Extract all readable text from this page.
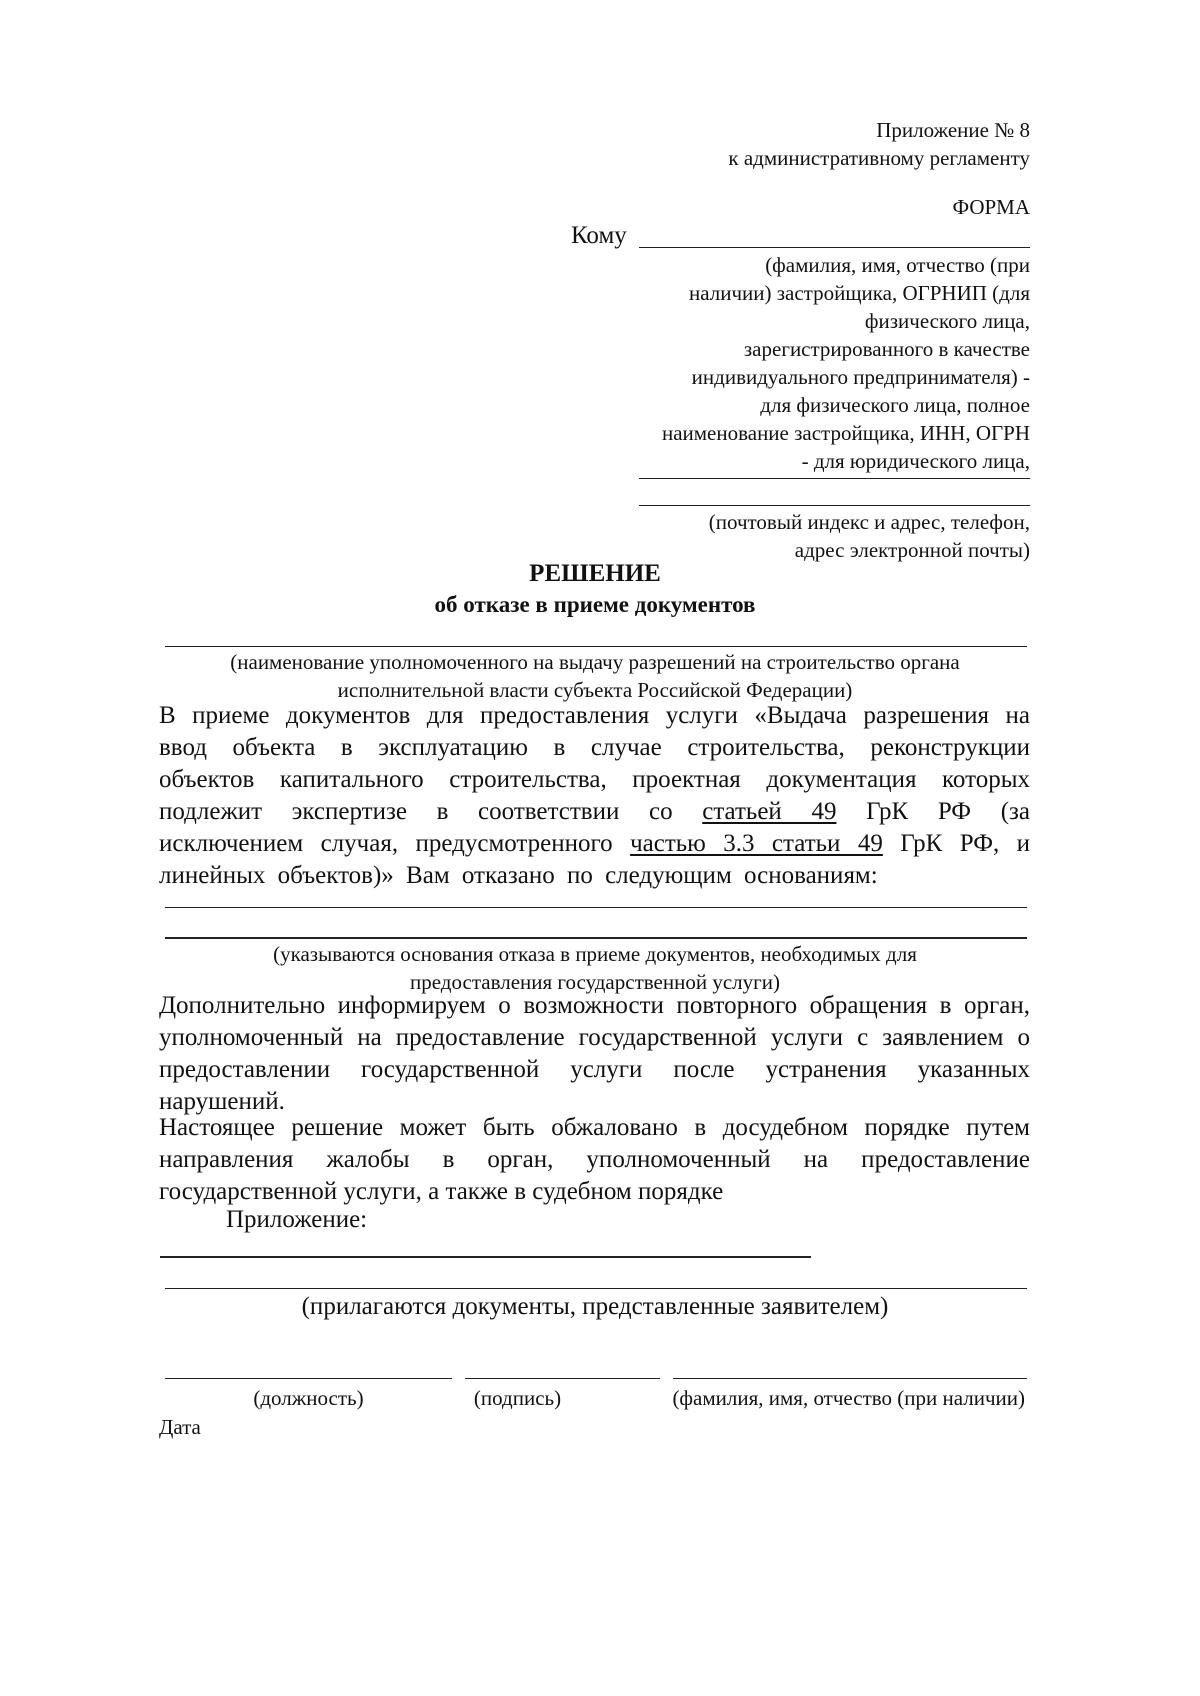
Приложение № 8
к административному регламенту
ФОРМА
Кому
(фамилия, имя, отчество (при
наличии) застройщика, ОГРНИП (для
физического лица,
зарегистрированного в качестве
индивидуального предпринимателя) -
для физического лица, полное
наименование застройщика, ИНН, ОГРН
- для юридического лица,
(почтовый индекс и адрес, телефон,
адрес электронной почты)
РЕШЕНИЕ
об отказе в приеме документов
(наименование уполномоченного на выдачу разрешений на строительство органа
исполнительной власти субъекта Российской Федерации)
В приеме документов для предоставления услуги «Выдача разрешения на
ввод объекта в эксплуатацию в случае строительства, реконструкции
объектов капитального строительства, проектная документация которых
подлежит экспертизе в соответствии со статьей 49 ГрК РФ (за
исключением случая, предусмотренного частью 3.3 статьи 49 ГрК РФ, и
линейных объектов)» Вам отказано по следующим основаниям:
(указываются основания отказа в приеме документов, необходимых для
предоставления государственной услуги)
Дополнительно информируем о возможности повторного обращения в орган,
уполномоченный на предоставление государственной услуги с заявлением о
предоставлении государственной услуги после устранения указанных
нарушений.
Настоящее решение может быть обжаловано в досудебном порядке путем
направления жалобы в орган, уполномоченный на предоставление
государственной услуги, а также в судебном порядке
Приложение:
(прилагаются документы, представленные заявителем)
(должность)	(подпись)	(фамилия, имя, отчество (при наличии)
Дата
